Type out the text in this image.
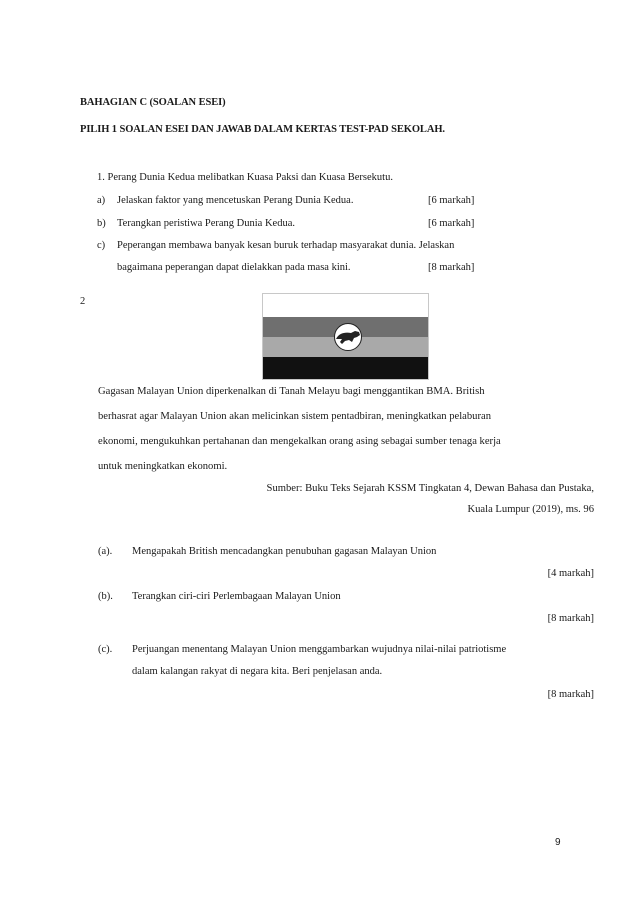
BAHAGIAN C (SOALAN ESEI)
PILIH 1 SOALAN ESEI DAN JAWAB DALAM KERTAS TEST-PAD SEKOLAH.
1. Perang Dunia Kedua melibatkan Kuasa Paksi dan Kuasa Bersekutu.
a) Jelaskan faktor yang mencetuskan Perang Dunia Kedua.	[6 markah]
b) Terangkan peristiwa Perang Dunia Kedua.	[6 markah]
c) Peperangan membawa banyak kesan buruk terhadap masyarakat dunia. Jelaskan
bagaimana peperangan dapat dielakkan pada masa kini.	[8 markah]
2
Gagasan Malayan Union diperkenalkan di Tanah Melayu bagi menggantikan BMA. British
berhasrat agar Malayan Union akan melicinkan sistem pentadbiran, meningkatkan pelaburan
ekonomi, mengukuhkan pertahanan dan mengekalkan orang asing sebagai sumber tenaga kerja
untuk meningkatkan ekonomi.
Sumber: Buku Teks Sejarah KSSM Tingkatan 4, Dewan Bahasa dan Pustaka,
Kuala Lumpur (2019), ms. 96
(a). Mengapakah British mencadangkan penubuhan gagasan Malayan Union
[4 markah]
(b). Terangkan ciri-ciri Perlembagaan Malayan Union
[8 markah]
(c). Perjuangan menentang Malayan Union menggambarkan wujudnya nilai-nilai patriotisme
dalam kalangan rakyat di negara kita. Beri penjelasan anda.
[8 markah]
9
